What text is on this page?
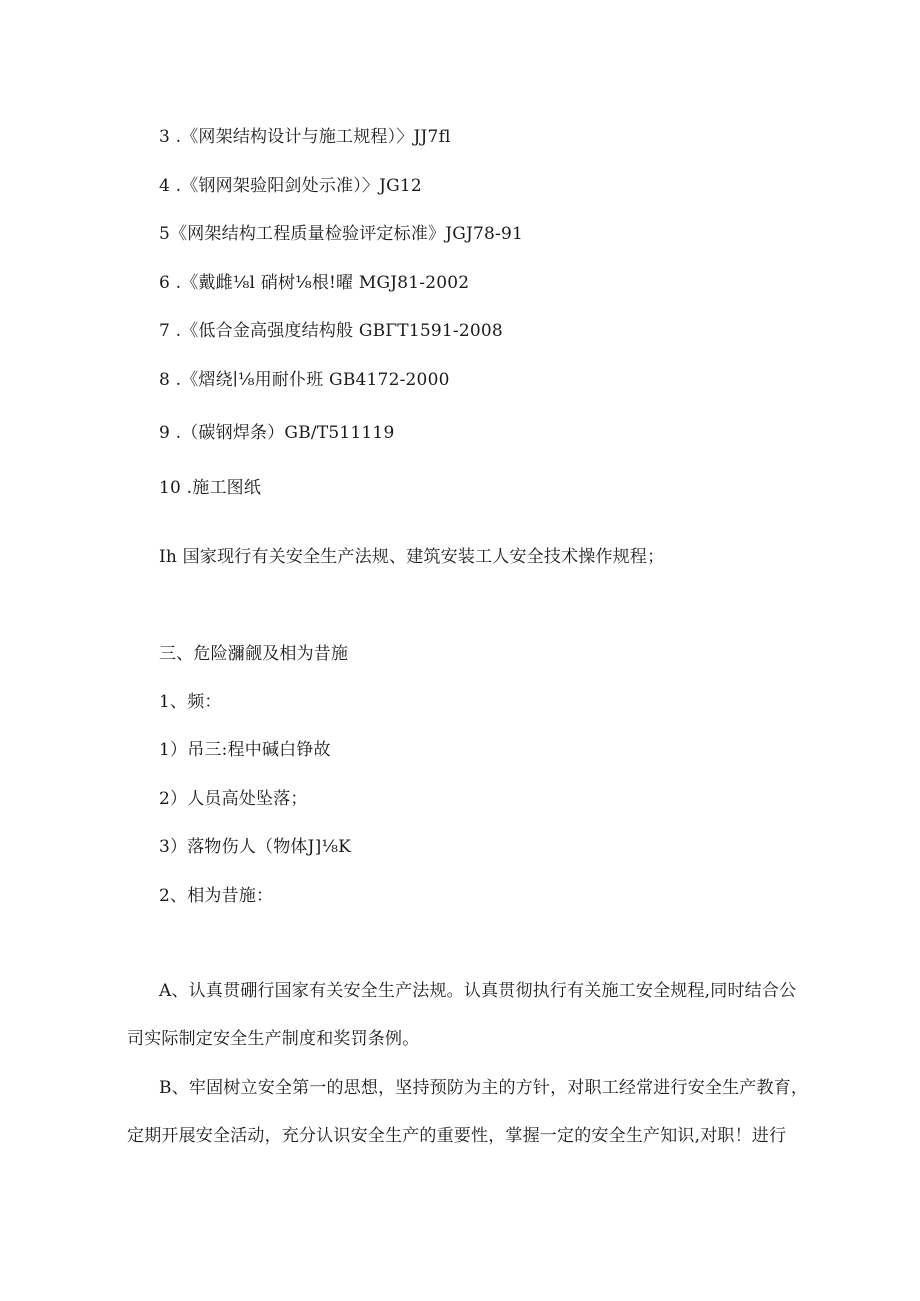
3 .《网架结构设计与施工规程）〉JJ7fl
4 .《钢网架验阳剑处示准）〉JG12
5《网架结构工程质量检验评定标准》JGJ78-91
6 .《戴雌⅛l 硝树⅛根!曜 MGJ81-2002
7 .《低合金高强度结构般 GBΓT1591-2008
8 .《熠绕∣⅛用耐仆班 GB4172-2000
9 .（碳钢焊条）GB/T511119
10 .施工图纸
Ih 国家现行有关安全生产法规、建筑安装工人安全技术操作规程；
三、危险瀰觎及相为昔施
1、频：
1）吊三:程中碱白铮故
2）人员高处坠落；
3）落物伤人（物体J]⅛K
2、相为昔施：
A、认真贯硼行国家有关安全生产法规。认真贯彻执行有关施工安全规程,同时结合公
司实际制定安全生产制度和奖罚条例。
B、牢固树立安全第一的思想，坚持预防为主的方针，对职工经常进行安全生产教育，
定期开展安全活动，充分认识安全生产的重要性，掌握一定的安全生产知识,对职！进行
